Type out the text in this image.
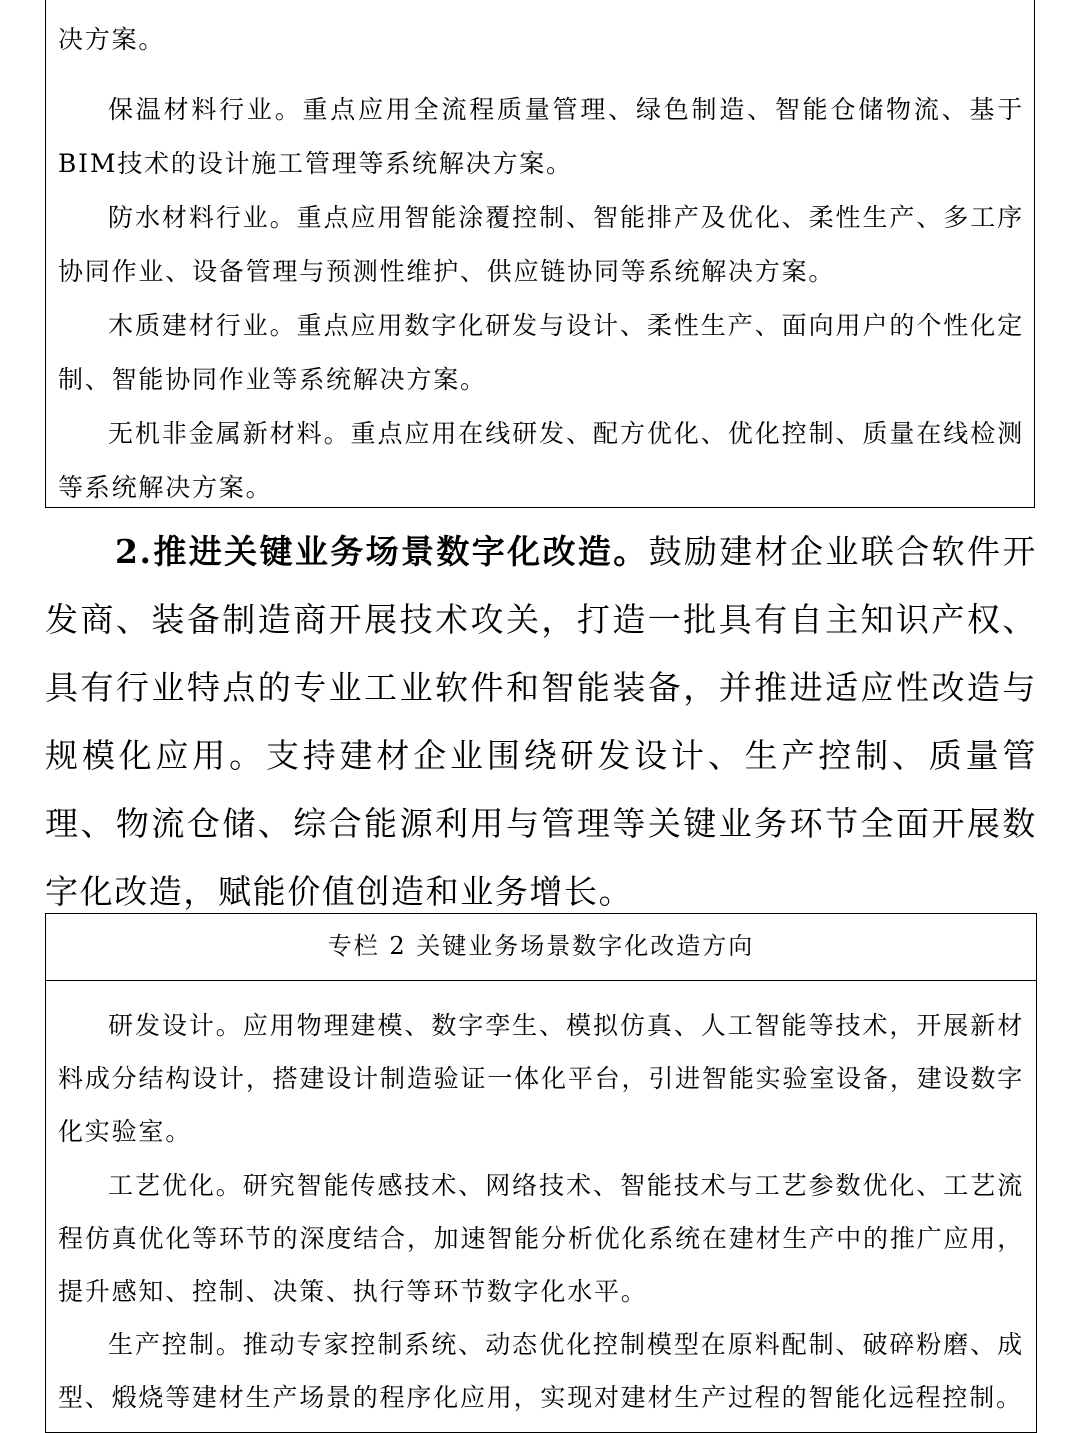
决方案。

保温材料行业。重点应用全流程质量管理、绿色制造、智能仓储物流、基于BIM技术的设计施工管理等系统解决方案。

防水材料行业。重点应用智能涂覆控制、智能排产及优化、柔性生产、多工序协同作业、设备管理与预测性维护、供应链协同等系统解决方案。

木质建材行业。重点应用数字化研发与设计、柔性生产、面向用户的个性化定制、智能协同作业等系统解决方案。

无机非金属新材料。重点应用在线研发、配方优化、优化控制、质量在线检测等系统解决方案。

2.推进关键业务场景数字化改造。鼓励建材企业联合软件开发商、装备制造商开展技术攻关，打造一批具有自主知识产权、具有行业特点的专业工业软件和智能装备，并推进适应性改造与规模化应用。支持建材企业围绕研发设计、生产控制、质量管理、物流仓储、综合能源利用与管理等关键业务环节全面开展数字化改造，赋能价值创造和业务增长。

专栏 2 关键业务场景数字化改造方向

研发设计。应用物理建模、数字孪生、模拟仿真、人工智能等技术，开展新材料成分结构设计，搭建设计制造验证一体化平台，引进智能实验室设备，建设数字化实验室。

工艺优化。研究智能传感技术、网络技术、智能技术与工艺参数优化、工艺流程仿真优化等环节的深度结合，加速智能分析优化系统在建材生产中的推广应用，提升感知、控制、决策、执行等环节数字化水平。

生产控制。推动专家控制系统、动态优化控制模型在原料配制、破碎粉磨、成型、煅烧等建材生产场景的程序化应用，实现对建材生产过程的智能化远程控制。
